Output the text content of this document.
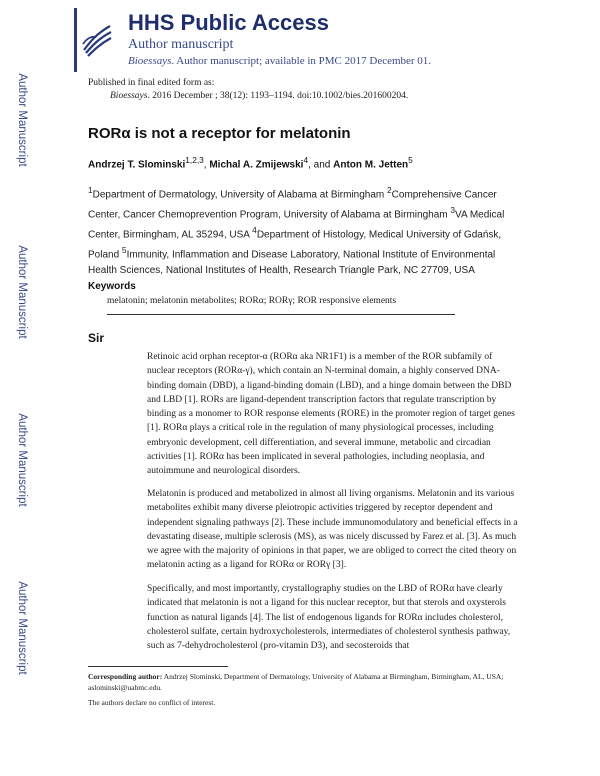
Author Manuscript
Author Manuscript
Author Manuscript
Author Manuscript
HHS Public Access
Author manuscript
Bioessays. Author manuscript; available in PMC 2017 December 01.
Published in final edited form as:
Bioessays. 2016 December ; 38(12): 1193–1194. doi:10.1002/bies.201600204.
RORα is not a receptor for melatonin
Andrzej T. Slominski$^{1,2,3}$, Michal A. Zmijewski$^4$, and Anton M. Jetten$^5$
$^1$Department of Dermatology, University of Alabama at Birmingham $^2$Comprehensive Cancer Center, Cancer Chemoprevention Program, University of Alabama at Birmingham $^3$VA Medical Center, Birmingham, AL 35294, USA $^4$Department of Histology, Medical University of Gdańsk, Poland $^5$Immunity, Inflammation and Disease Laboratory, National Institute of Environmental Health Sciences, National Institutes of Health, Research Triangle Park, NC 27709, USA
Keywords
melatonin; melatonin metabolites; RORα; RORγ; ROR responsive elements
Sir
Retinoic acid orphan receptor-α (RORα aka NR1F1) is a member of the ROR subfamily of nuclear receptors (RORα-γ), which contain an N-terminal domain, a highly conserved DNA-binding domain (DBD), a ligand-binding domain (LBD), and a hinge domain between the DBD and LBD [1]. RORs are ligand-dependent transcription factors that regulate transcription by binding as a monomer to ROR response elements (RORE) in the promoter region of target genes [1]. RORα plays a critical role in the regulation of many physiological processes, including embryonic development, cell differentiation, and several immune, metabolic and circadian activities [1]. RORα has been implicated in several pathologies, including neoplasia, and autoimmune and neurological disorders.
Melatonin is produced and metabolized in almost all living organisms. Melatonin and its various metabolites exhibit many diverse pleiotropic activities triggered by receptor dependent and independent signaling pathways [2]. These include immunomodulatory and beneficial effects in a devastating disease, multiple sclerosis (MS), as was nicely discussed by Farez et al. [3]. As much we agree with the majority of opinions in that paper, we are obliged to correct the cited theory on melatonin acting as a ligand for RORα or RORγ [3].
Specifically, and most importantly, crystallography studies on the LBD of RORα have clearly indicated that melatonin is not a ligand for this nuclear receptor, but that sterols and oxysterols function as natural ligands [4]. The list of endogenous ligands for RORα includes cholesterol, cholesterol sulfate, certain hydroxycholesterols, intermediates of cholesterol synthesis pathway, such as 7-dehydrocholesterol (pro-vitamin D3), and secosteroids that
Corresponding author: Andrzej Slominski, Department of Dermatology, University of Alabama at Birmingham, Birmingham, AL, USA; aslominski@uabmc.edu.
The authors declare no conflict of interest.
